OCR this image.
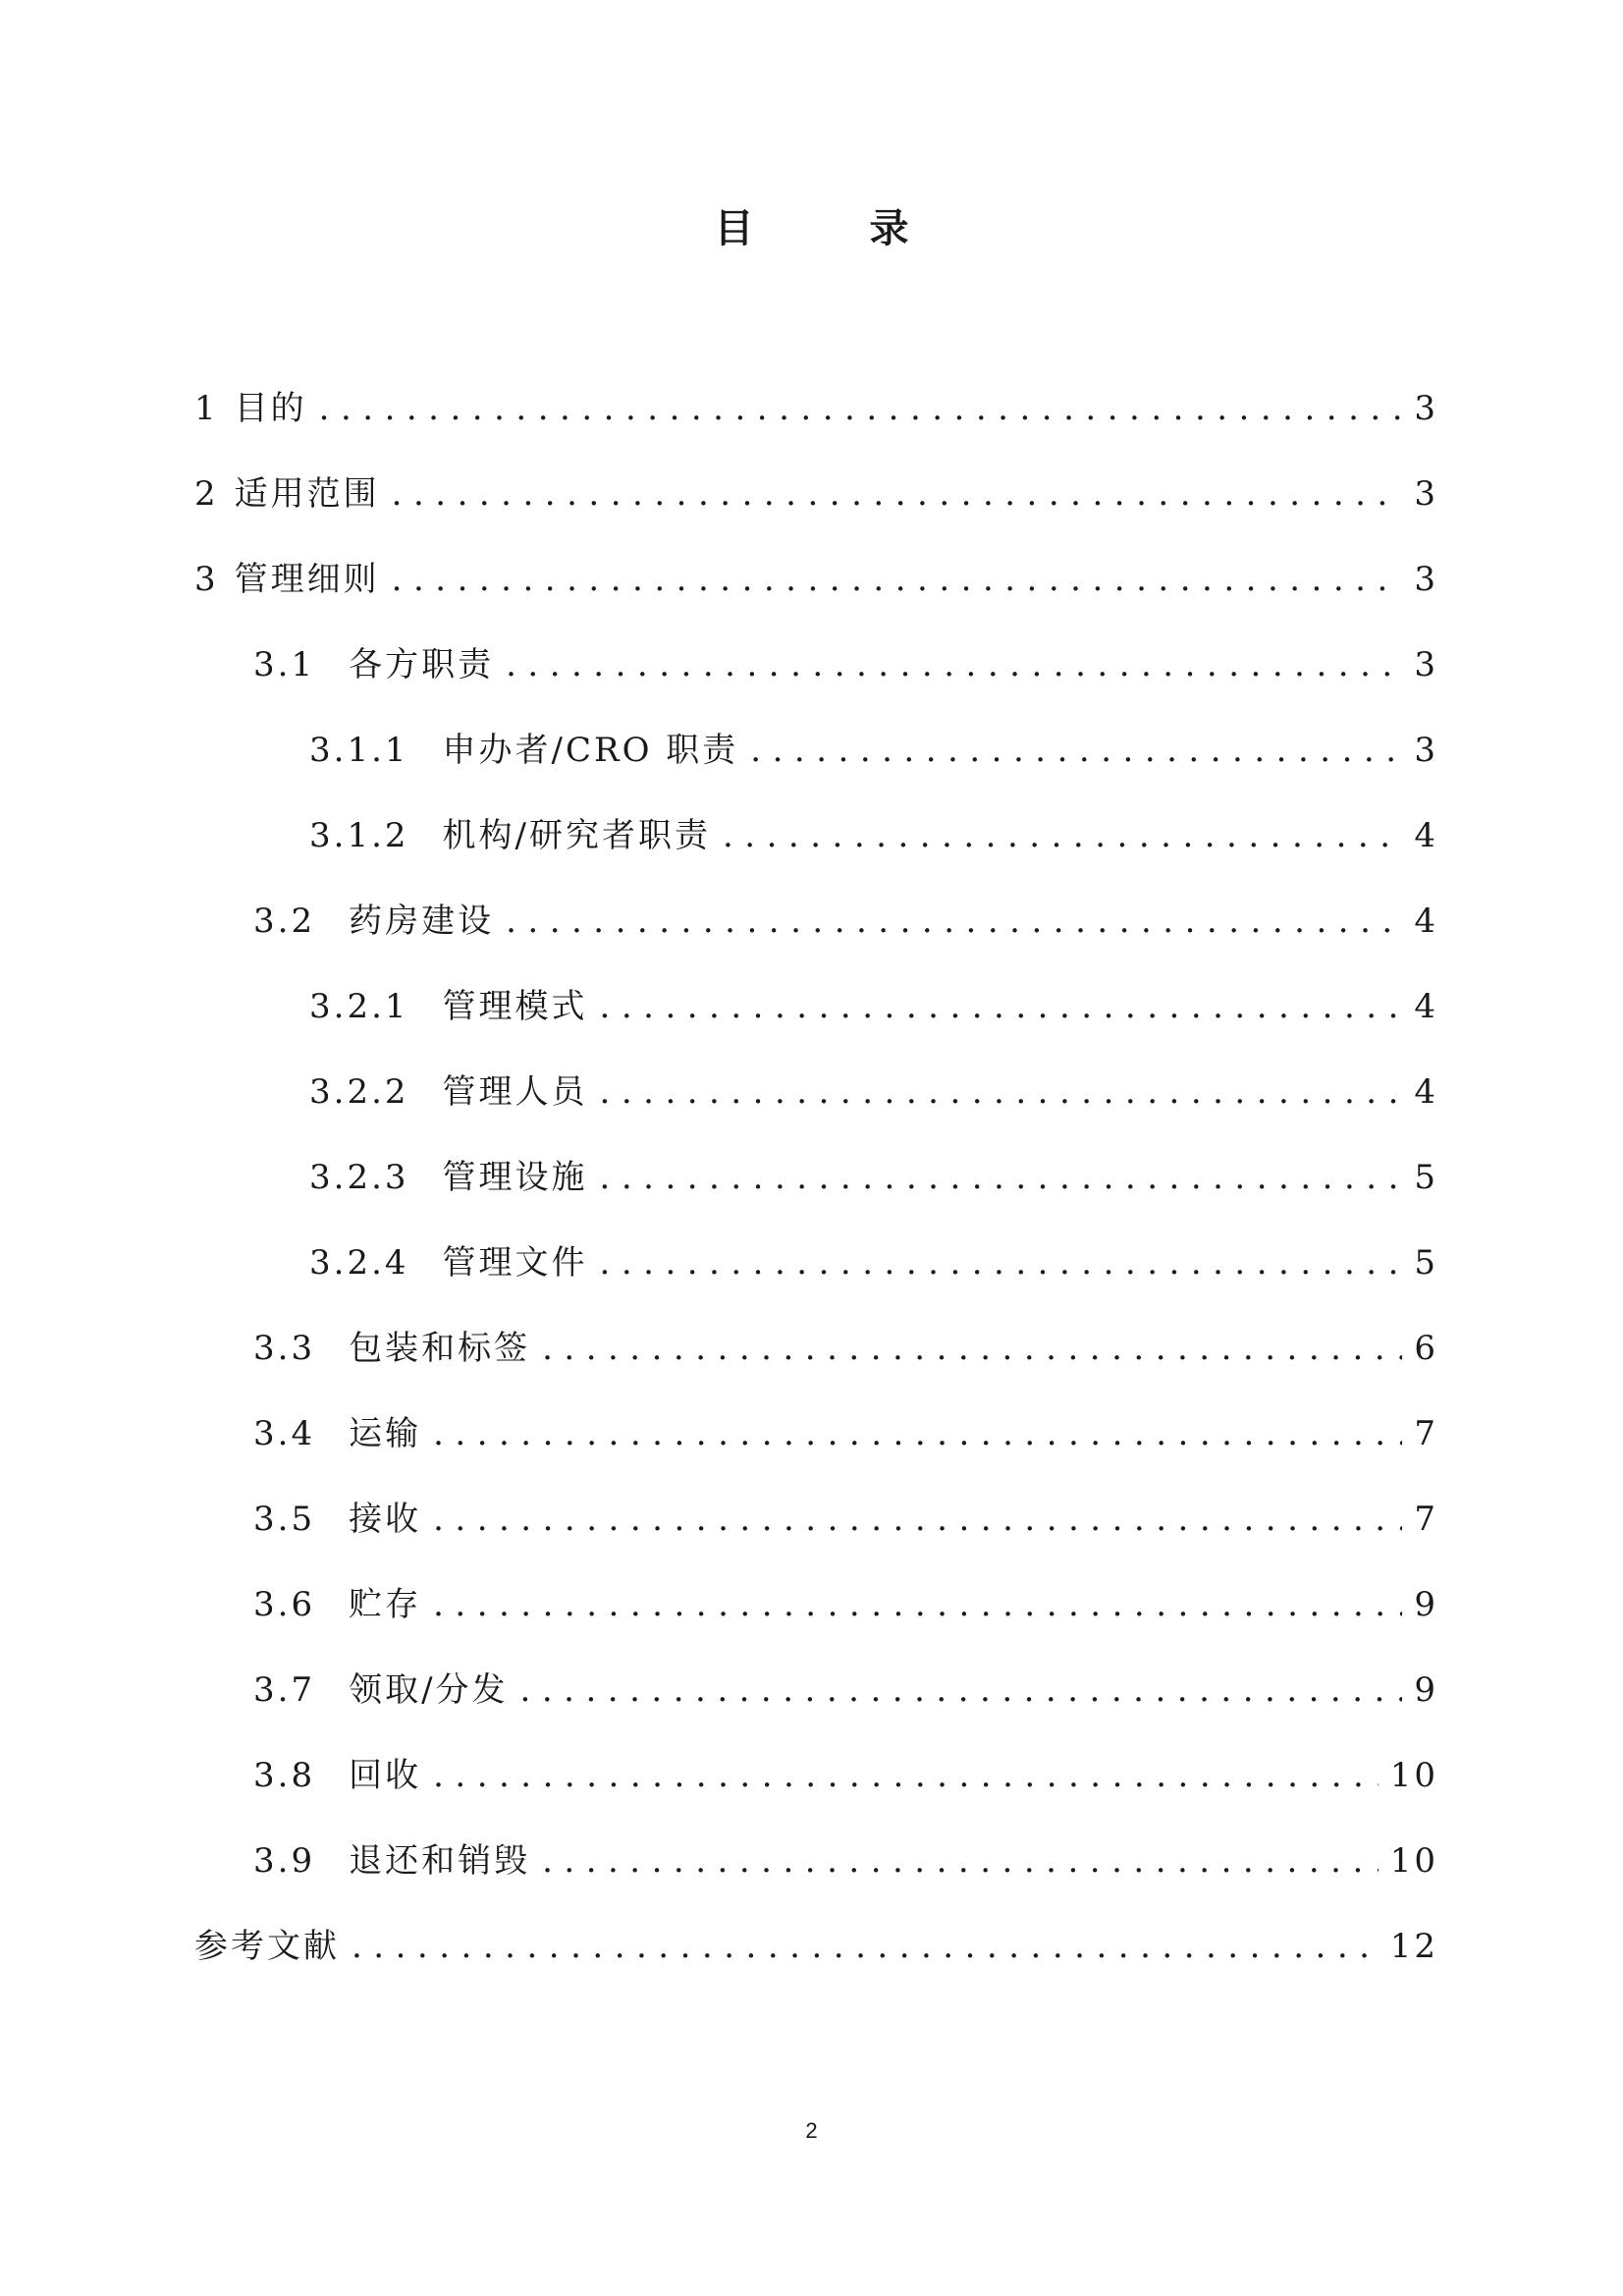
目 录
1 目的 .....	3
2 适用范围 .....	3
3 管理细则 .....	3
3.1 各方职责 .....	3
3.1.1 申办者/CRO 职责 .....	3
3.1.2 机构/研究者职责 .....	4
3.2 药房建设 .....	4
3.2.1 管理模式 .....	4
3.2.2 管理人员 .....	4
3.2.3 管理设施 .....	5
3.2.4 管理文件 .....	5
3.3 包装和标签 .....	6
3.4 运输 .....	7
3.5 接收 .....	7
3.6 贮存 .....	9
3.7 领取/分发 .....	9
3.8 回收 .....	10
3.9 退还和销毁 .....	10
参考文献 .....	12
2
